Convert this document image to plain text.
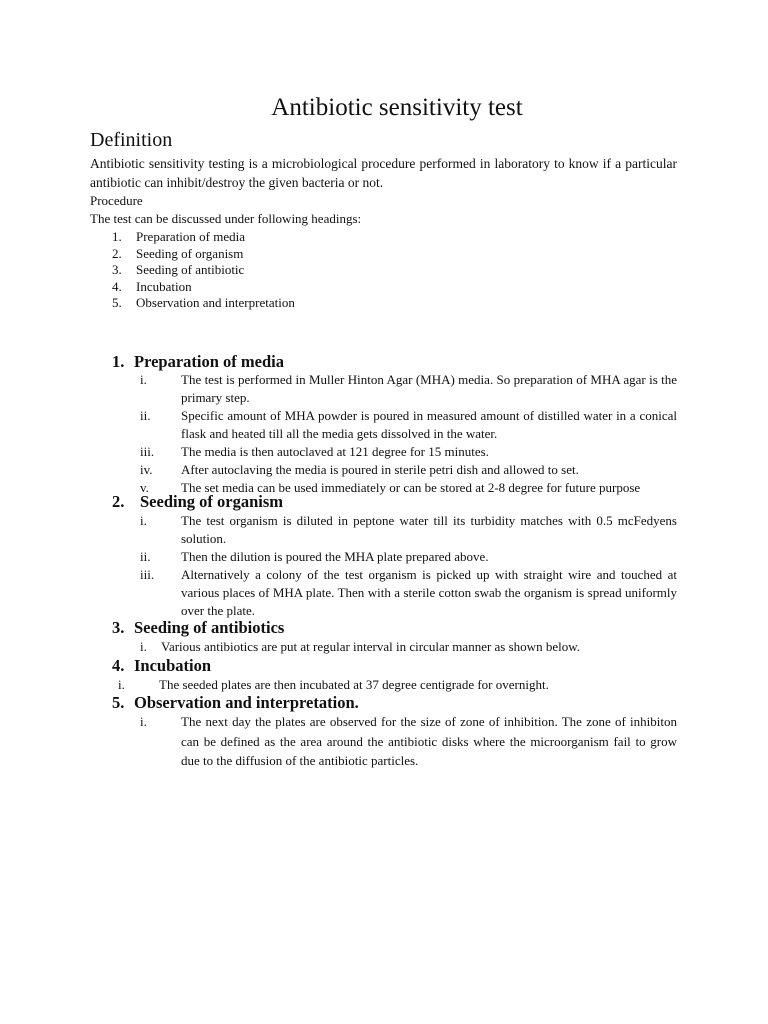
Antibiotic sensitivity test
Definition
Antibiotic sensitivity testing is a microbiological procedure performed in laboratory to know if a particular antibiotic can inhibit/destroy the given bacteria or not.
Procedure
The test can be discussed under following headings:
1. Preparation of media
2. Seeding of organism
3. Seeding of antibiotic
4. Incubation
5. Observation and interpretation
1. Preparation of media
i.	The test is performed in Muller Hinton Agar (MHA) media. So preparation of MHA agar is the primary step.
ii.	Specific amount of MHA powder is poured in measured amount of distilled water in a conical flask and heated till all the media gets dissolved in the water.
iii.	The media is then autoclaved at 121 degree for 15 minutes.
iv.	After autoclaving the media is poured in sterile petri dish and allowed to set.
v.	The set media can be used immediately or can be stored at 2-8 degree for future purpose
2. Seeding of organism
i.	The test organism is diluted in peptone water till its turbidity matches with 0.5 mcFedyens solution.
ii.	Then the dilution is poured the MHA plate prepared above.
iii.	Alternatively a colony of the test organism is picked up with straight wire and touched at various places of MHA plate. Then with a sterile cotton swab the organism is spread uniformly over the plate.
3. Seeding of antibiotics
i.	Various antibiotics are put at regular interval in circular manner as shown below.
4. Incubation
i.	The seeded plates are then incubated at 37 degree centigrade for overnight.
5. Observation and interpretation.
i.	The next day the plates are observed for the size of zone of inhibition. The zone of inhibiton can be defined as the area around the antibiotic disks where the microorganism fail to grow due to the diffusion of the antibiotic particles.
